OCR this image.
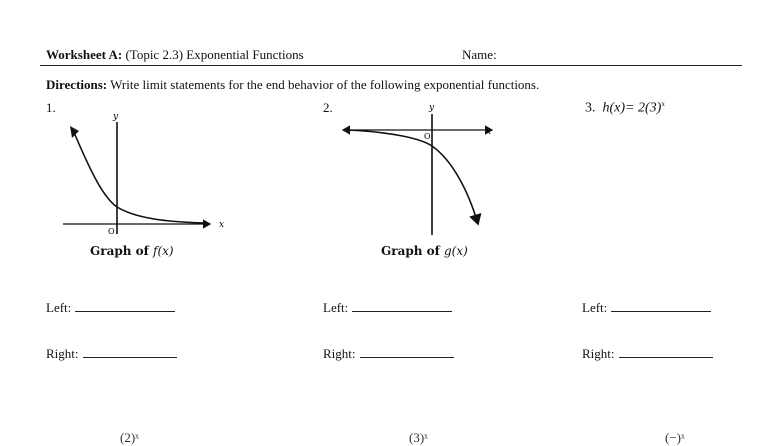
Worksheet A: (Topic 2.3) Exponential Functions	Name:
Directions: Write limit statements for the end behavior of the following exponential functions.
1.	2.	3. $h(x)= 2(3)^x$
y
x
O
y
x
O
Graph of f(x)	Graph of g(x)
Left:
Right:
Left:
Right:
Left:
Right:
(2)ˣ	(3)ˣ	(−)ˣ
